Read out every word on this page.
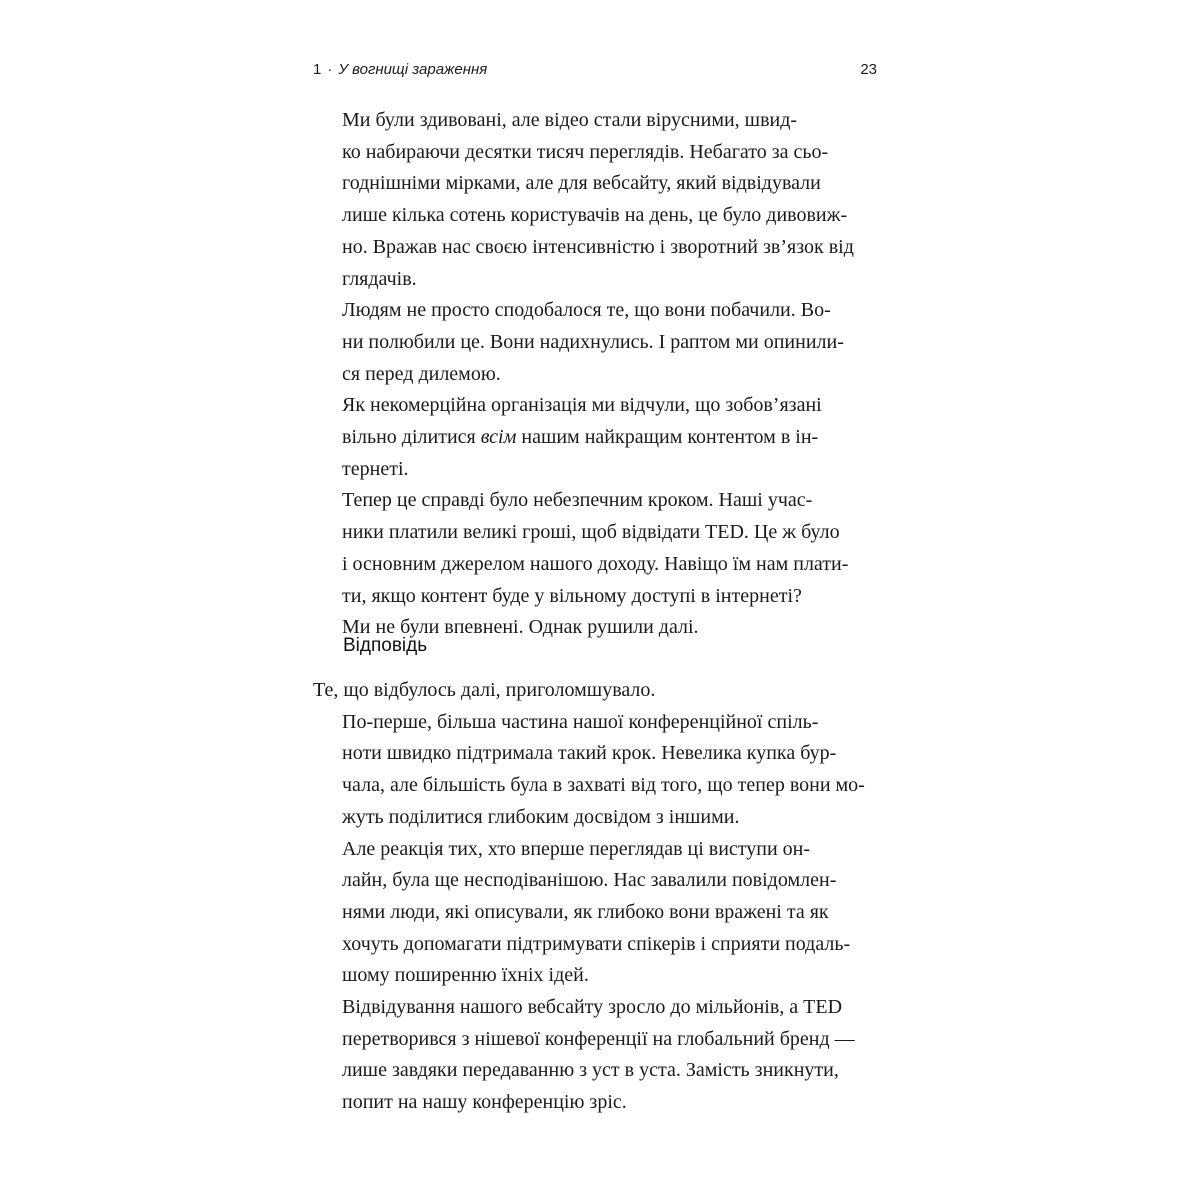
1 · У вогнищі зараження	23

Ми були здивовані, але відео стали вірусними, швид-
ко набираючи десятки тисяч переглядів. Небагато за сьо-
годнішніми мірками, але для вебсайту, який відвідували
лише кілька сотень користувачів на день, це було дивовиж-
но. Вражав нас своєю інтенсивністю і зворотний зв’язок від
глядачів.

Людям не просто сподобалося те, що вони побачили. Во-
ни полюбили це. Вони надихнулись. І раптом ми опинили-
ся перед дилемою.

Як некомерційна організація ми відчули, що зобов’язані
вільно ділитися всім нашим найкращим контентом в ін-
тернеті.

Тепер це справді було небезпечним кроком. Наші учас-
ники платили великі гроші, щоб відвідати TED. Це ж було
і основним джерелом нашого доходу. Навіщо їм нам плати-
ти, якщо контент буде у вільному доступі в інтернеті?

Ми не були впевнені. Однак рушили далі.

Відповідь

Те, що відбулось далі, приголомшувало.

По-перше, більша частина нашої конференційної спіль-
ноти швидко підтримала такий крок. Невелика купка бур-
чала, але більшість була в захваті від того, що тепер вони мо-
жуть поділитися глибоким досвідом з іншими.

Але реакція тих, хто вперше переглядав ці виступи он-
лайн, була ще несподіванішою. Нас завалили повідомлен-
нями люди, які описували, як глибоко вони вражені та як
хочуть допомагати підтримувати спікерів і сприяти подаль-
шому поширенню їхніх ідей.

Відвідування нашого вебсайту зросло до мільйонів, а TED
перетворився з нішевої конференції на глобальний бренд —
лише завдяки передаванню з уст в уста. Замість зникнути,
попит на нашу конференцію зріс.
